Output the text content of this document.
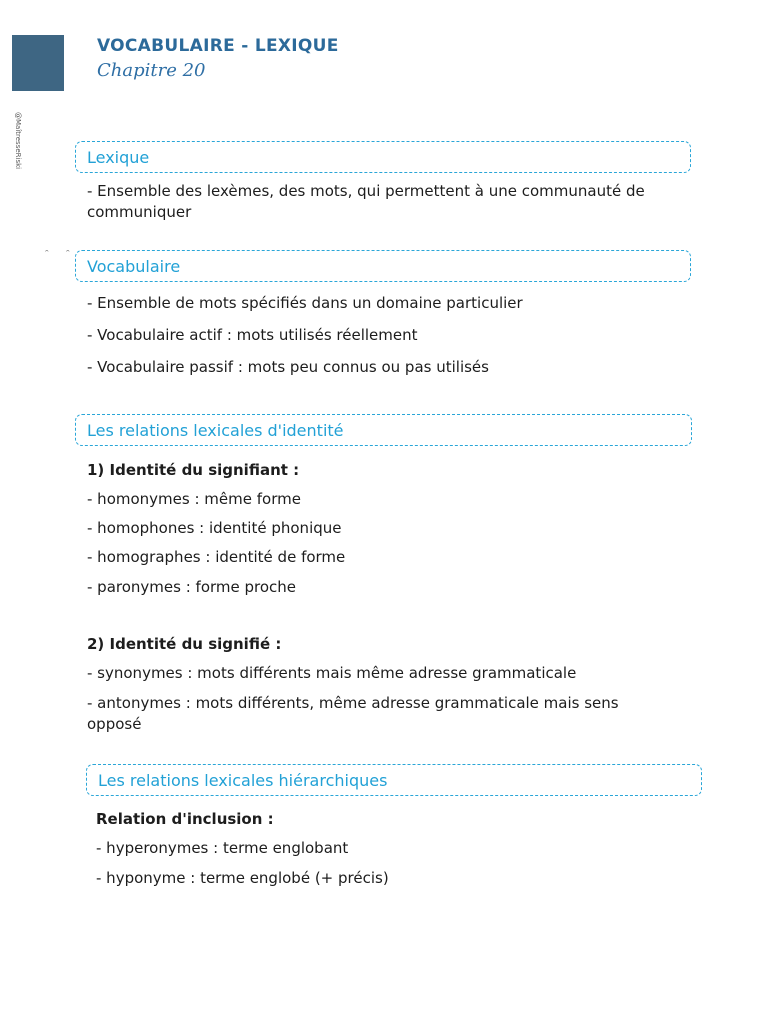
VOCABULAIRE - LEXIQUE
Chapitre 20
@MaîtresseRiski
ˆ ˆ
Lexique
- Ensemble des lexèmes, des mots, qui permettent à une communauté de communiquer
Vocabulaire
- Ensemble de mots spécifiés dans un domaine particulier
- Vocabulaire actif : mots utilisés réellement
- Vocabulaire passif : mots peu connus ou pas utilisés
Les relations lexicales d'identité
1) Identité du signifiant :
- homonymes : même forme
- homophones : identité phonique
- homographes : identité de forme
- paronymes : forme proche
2) Identité du signifié :
- synonymes : mots différents mais même adresse grammaticale
- antonymes : mots différents, même adresse grammaticale mais sens opposé
Les relations lexicales hiérarchiques
Relation d'inclusion :
- hyperonymes : terme englobant
- hyponyme : terme englobé (+ précis)
